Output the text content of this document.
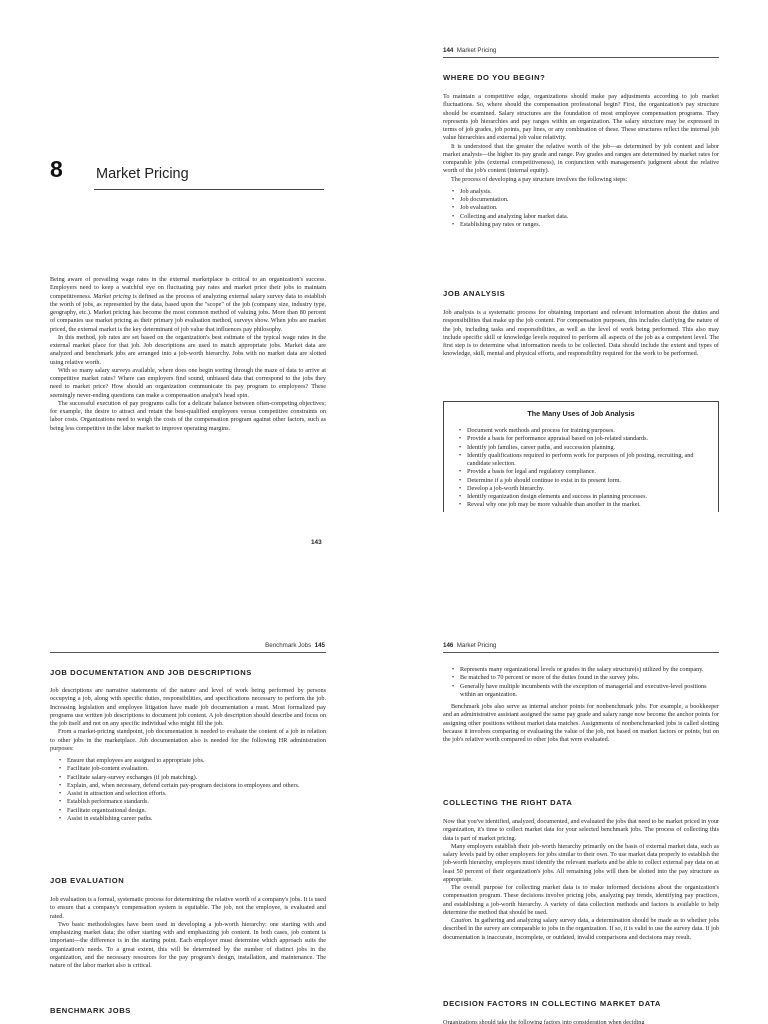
8 Market Pricing

Being aware of prevailing wage rates in the external marketplace is critical to an organization's success. Employers need to keep a watchful eye on fluctuating pay rates and market price their jobs to maintain competitiveness. Market pricing is defined as the process of analyzing external salary survey data to establish the worth of jobs, as represented by the data, based upon the "scope" of the job (company size, industry type, geography, etc.). Market pricing has become the most common method of valuing jobs. More than 80 percent of companies use market pricing as their primary job evaluation method, surveys show. When jobs are market priced, the external market is the key determinant of job value that influences pay philosophy.

In this method, job rates are set based on the organization's best estimate of the typical wage rates in the external market place for that job. Job descriptions are used to match appropriate jobs. Market data are analyzed and benchmark jobs are arranged into a job-worth hierarchy. Jobs with no market data are slotted using relative worth.

With so many salary surveys available, where does one begin sorting through the maze of data to arrive at competitive market rates? Where can employers find sound, unbiased data that correspond to the jobs they need to market price? How should an organization communicate its pay program to employees? These seemingly never-ending questions can make a compensation analyst's head spin.

The successful execution of pay programs calls for a delicate balance between often-competing objectives; for example, the desire to attract and retain the best-qualified employees versus competitive constraints on labor costs. Organizations need to weigh the costs of the compensation program against other factors, such as being less competitive in the labor market to improve operating margins.

143
144 Market Pricing
WHERE DO YOU BEGIN?

To maintain a competitive edge, organizations should make pay adjustments according to job market fluctuations. So, where should the compensation professional begin? First, the organization's pay structure should be examined. Salary structures are the foundation of most employee compensation programs. They represents job hierarchies and pay ranges within an organization. The salary structure may be expressed in terms of job grades, job points, pay lines, or any combination of these. These structures reflect the internal job value hierarchies and external job value relativity.

It is understood that the greater the relative worth of the job—as determined by job content and labor market analysis—the higher its pay grade and range. Pay grades and ranges are determined by market rates for comparable jobs (external competitiveness), in conjunction with management's judgment about the relative worth of the job's content (internal equity).

The process of developing a pay structure involves the following steps:

• Job analysis.
• Job documentation.
• Job evaluation.
• Collecting and analyzing labor market data.
• Establishing pay rates or ranges.
JOB ANALYSIS

Job analysis is a systematic process for obtaining important and relevant information about the duties and responsibilities that make up the job content. For compensation purposes, this includes clarifying the nature of the job, including tasks and responsibilities, as well as the level of work being performed. This also may include specific skill or knowledge levels required to perform all aspects of the job as a competent level. The first step is to determine what information needs to be collected. Data should include the extent and types of knowledge, skill, mental and physical efforts, and responsibility required for the work to be performed.

The Many Uses of Job Analysis
• Document work methods and process for training purposes.
• Provide a basis for performance appraisal based on job-related standards.
• Identify job families, career paths, and succession planning.
• Identify qualifications required to perform work for purposes of job posting, recruiting, and candidate selection.
• Provide a basis for legal and regulatory compliance.
• Determine if a job should continue to exist in its present form.
• Develop a job-worth hierarchy.
• Identify organization design elements and success in planning processes.
• Reveal why one job may be more valuable than another in the market.
Benchmark Jobs 145
JOB DOCUMENTATION AND JOB DESCRIPTIONS

Job descriptions are narrative statements of the nature and level of work being performed by persons occupying a job, along with specific duties, responsibilities, and specifications necessary to perform the job. Increasing legislation and employee litigation have made job documentation a must. Most formalized pay programs use written job descriptions to document job content. A job description should describe and focus on the job itself and not on any specific individual who might fill the job.

From a market-pricing standpoint, job documentation is needed to evaluate the content of a job in relation to other jobs in the marketplace. Job documentation also is needed for the following HR administration purposes:

• Ensure that employees are assigned to appropriate jobs.
• Facilitate job-content evaluation.
• Facilitate salary-survey exchanges (if job matching).
• Explain, and, when necessary, defend certain pay-program decisions to employees and others.
• Assist in attraction and selection efforts.
• Establish performance standards.
• Facilitate organizational design.
• Assist in establishing career paths.
JOB EVALUATION

Job evaluation is a formal, systematic process for determining the relative worth of a company's jobs. It is used to ensure that a company's compensation system is equitable. The job, not the employee, is evaluated and rated.

Two basic methodologies have been used in developing a job-worth hierarchy: one starting with and emphasizing market data; the other starting with and emphasizing job content. In both cases, job content is important—the difference is in the starting point. Each employer must determine which approach suits the organization's needs. To a great extent, this will be determined by the number of distinct jobs in the organization, and the necessary resources for the pay program's design, installation, and maintenance. The nature of the labor market also is critical.

BENCHMARK JOBS
146 Market Pricing
• Represents many organizational levels or grades in the salary structure(s) utilized by the company.
• Be matched to 70 percent or more of the duties found in the survey jobs.
• Generally have multiple incumbents with the exception of managerial and executive-level positions within an organization.

Benchmark jobs also serve as internal anchor points for nonbenchmark jobs. For example, a bookkeeper and an administrative assistant assigned the same pay grade and salary range now become the anchor points for assigning other positions without market data matches. Assignments of nonbenchmarked jobs is called slotting because it involves comparing or evaluating the value of the job, not based on market factors or points, but on the job's relative worth compared to other jobs that were evaluated.

COLLECTING THE RIGHT DATA

Now that you've identified, analyzed, documented, and evaluated the jobs that need to be market priced in your organization, it's time to collect market data for your selected benchmark jobs. The process of collecting this data is part of market pricing.

Many employers establish their job-worth hierarchy primarily on the basis of external market data, such as salary levels paid by other employers for jobs similar to their own. To use market data properly to establish the job-worth hierarchy, employers must identify the relevant markets and be able to collect external pay data on at least 50 percent of their organization's jobs. All remaining jobs will then be slotted into the pay structure as appropriate.

The overall purpose for collecting market data is to make informed decisions about the organization's compensation program. These decisions involve pricing jobs, analyzing pay trends, identifying pay practices, and establishing a job-worth hierarchy. A variety of data collection methods and factors is available to help determine the method that should be used.

Caution. In gathering and analyzing salary survey data, a determination should be made as to whether jobs described in the survey are comparable to jobs in the organization. If so, it is valid to use the survey data. If job documentation is inaccurate, incomplete, or outdated, invalid comparisons and decisions may result.

DECISION FACTORS IN COLLECTING MARKET DATA

Organizations should take the following factors into consideration when deciding
